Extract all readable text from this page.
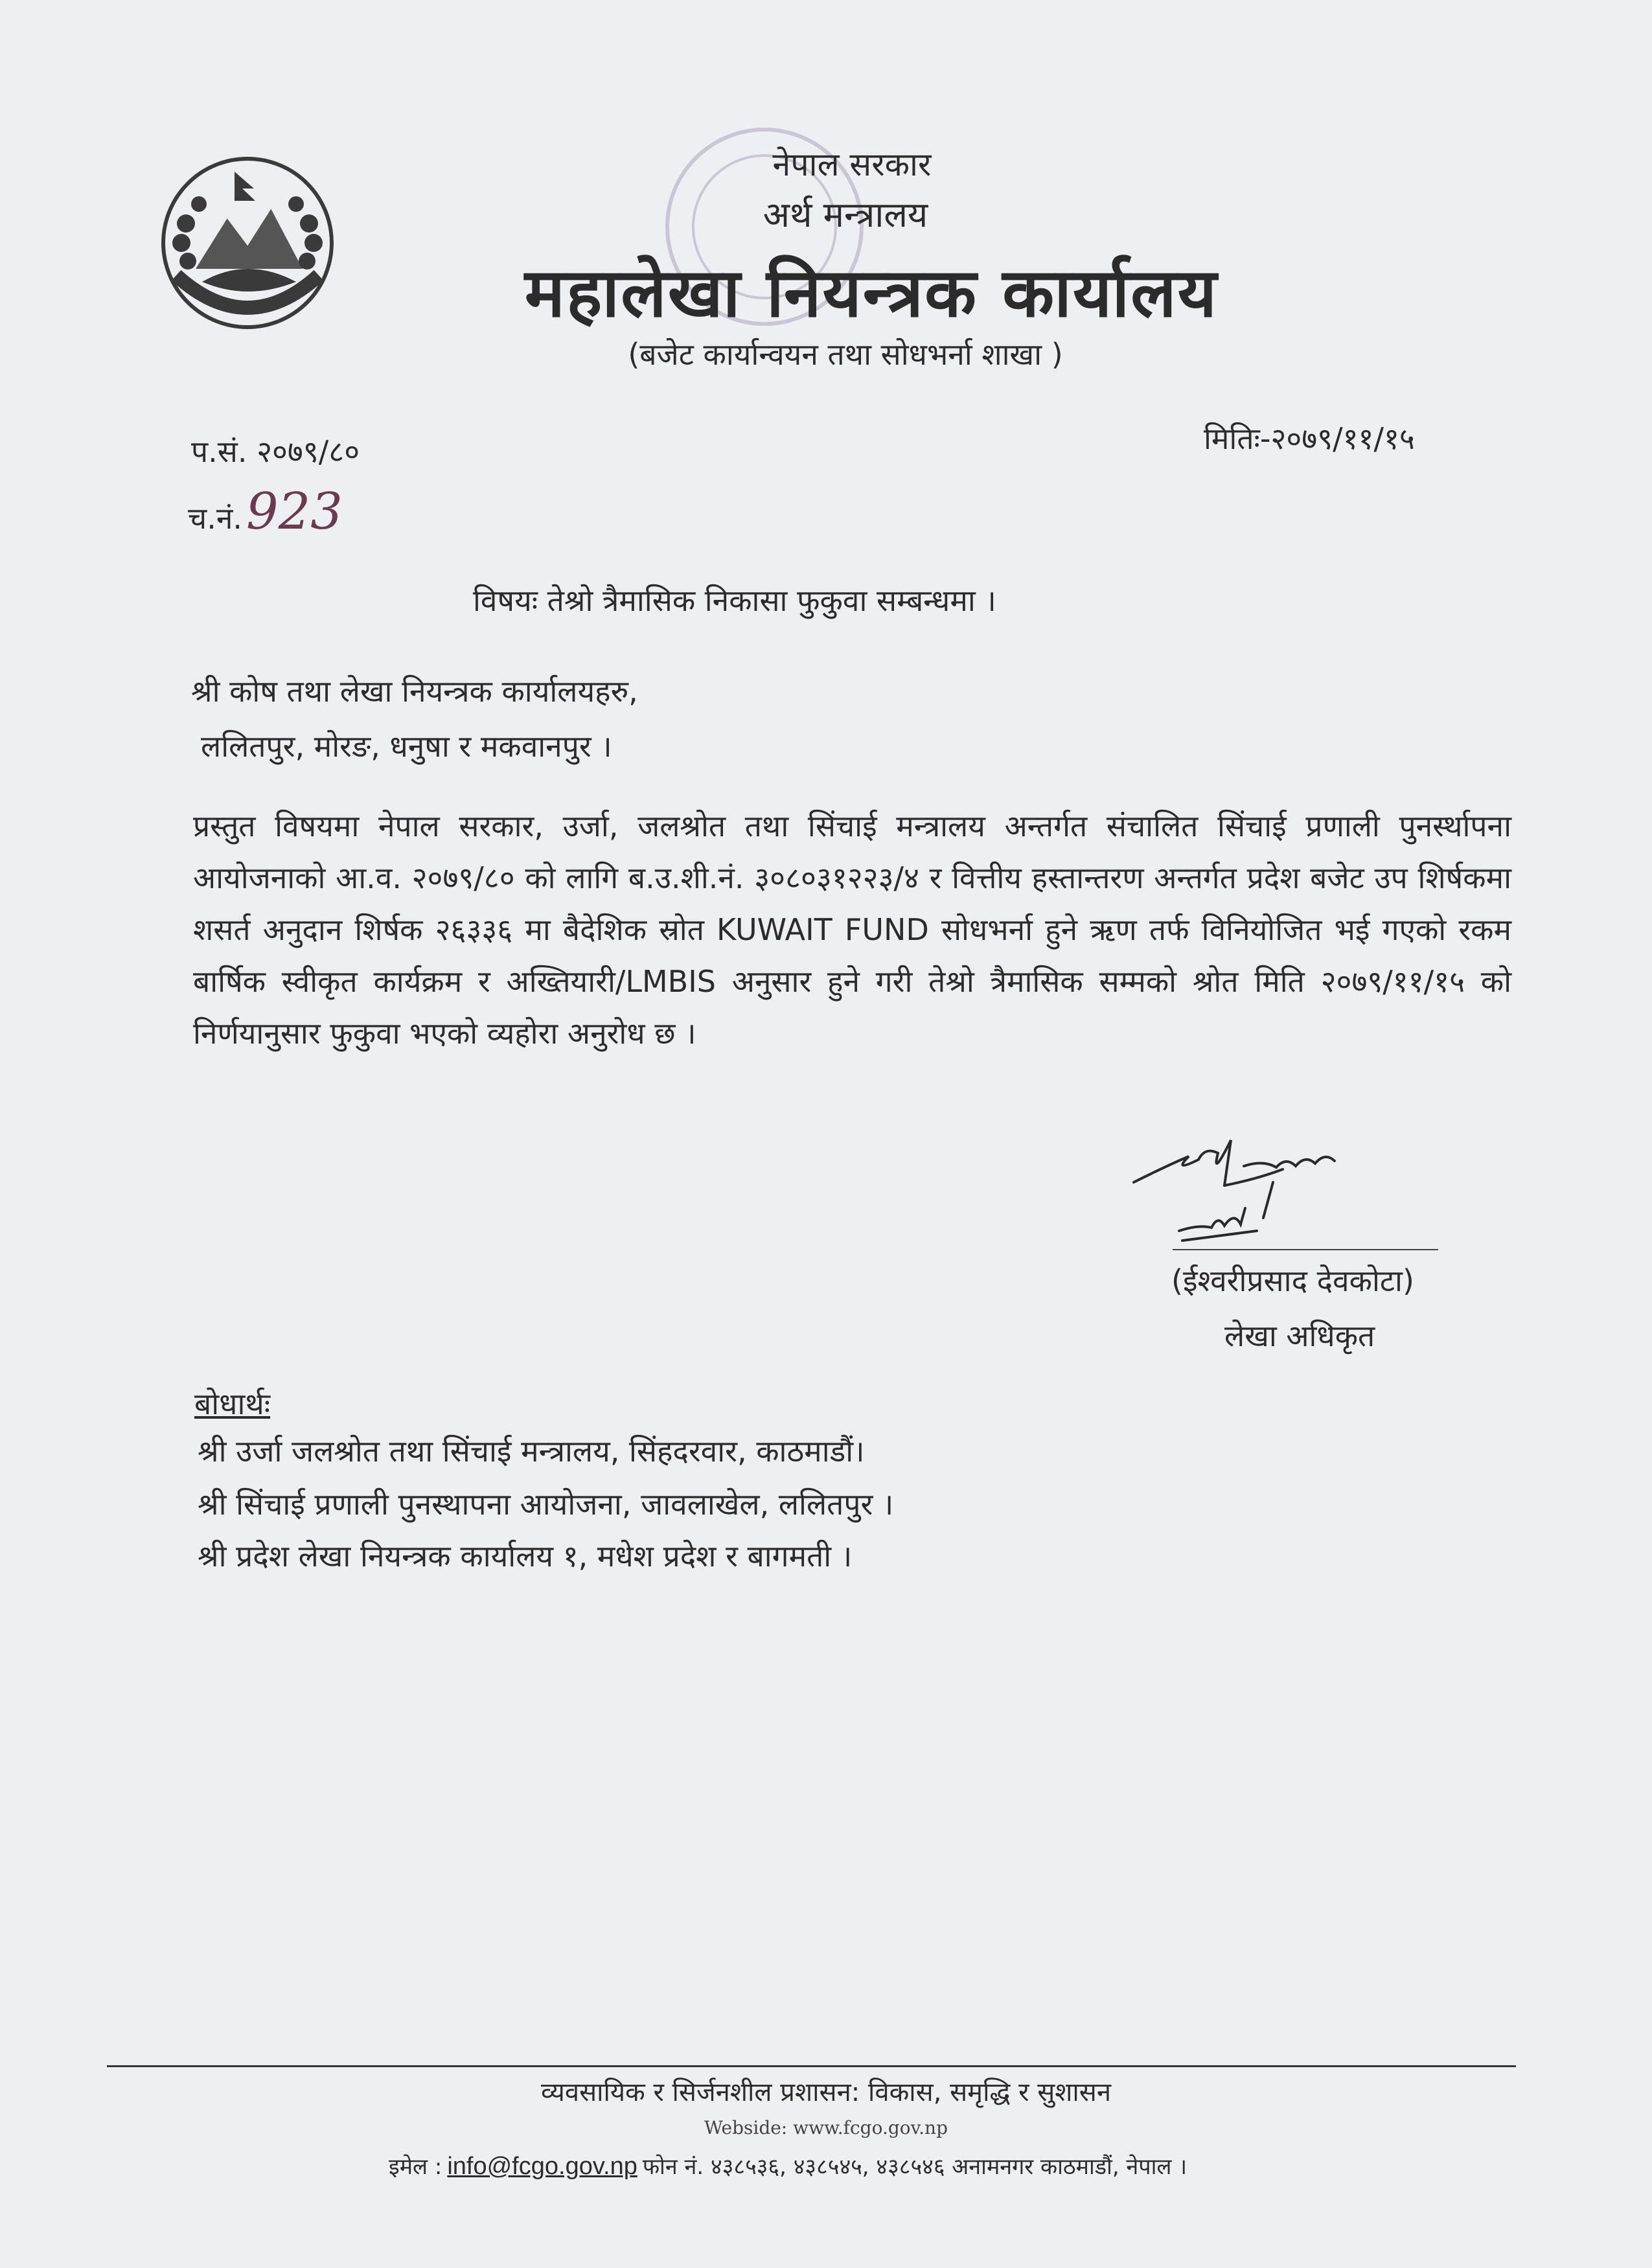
नेपाल सरकार
अर्थ मन्त्रालय
महालेखा नियन्त्रक कार्यालय
(बजेट कार्यान्वयन तथा सोधभर्ना शाखा )
प.सं. २०७९/८०
च.नं.923
मितिः-२०७९/११/१५
विषयः तेश्रो त्रैमासिक निकासा फुकुवा सम्बन्धमा ।
श्री कोष तथा लेखा नियन्त्रक कार्यालयहरु,
ललितपुर, मोरङ, धनुषा र मकवानपुर ।
प्रस्तुत विषयमा नेपाल सरकार, उर्जा, जलश्रोत तथा सिंचाई मन्त्रालय अन्तर्गत संचालित सिंचाई प्रणाली पुनर्स्थापना आयोजनाको आ.व. २०७९/८० को लागि ब.उ.शी.नं. ३०८०३१२२३/४ र वित्तीय हस्तान्तरण अन्तर्गत प्रदेश बजेट उप शिर्षकमा शसर्त अनुदान शिर्षक २६३३६ मा बैदेशिक स्रोत KUWAIT FUND सोधभर्ना हुने ऋण तर्फ विनियोजित भई गएको रकम बार्षिक स्वीकृत कार्यक्रम र अख्तियारी/LMBIS अनुसार हुने गरी तेश्रो त्रैमासिक सम्मको श्रोत मिति २०७९/११/१५ को निर्णयानुसार फुकुवा भएको व्यहोरा अनुरोध छ ।
(ईश्वरीप्रसाद देवकोटा)
लेखा अधिकृत
बोधार्थः
श्री उर्जा जलश्रोत तथा सिंचाई मन्त्रालय, सिंहदरवार, काठमाडौं।
श्री सिंचाई प्रणाली पुनस्थापना आयोजना, जावलाखेल, ललितपुर ।
श्री प्रदेश लेखा नियन्त्रक कार्यालय १, मधेश प्रदेश र बागमती ।
व्यवसायिक र सिर्जनशील प्रशासन: विकास, समृद्धि र सुशासन
Webside: www.fcgo.gov.np
इमेल : info@fcgo.gov.np फोन नं. ४३८५३६, ४३८५४५, ४३८५४६ अनामनगर काठमाडौं, नेपाल ।
